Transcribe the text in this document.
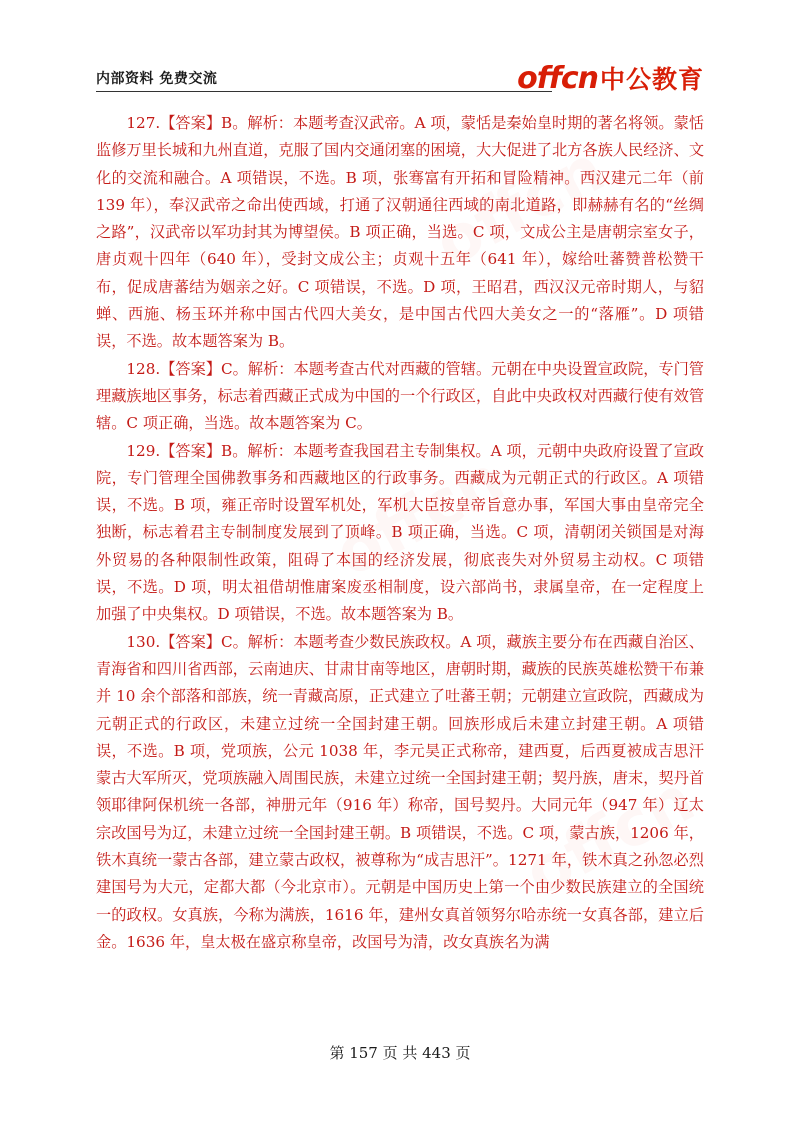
内部资料 免费交流	offcn 中公教育

127.【答案】B。解析：本题考查汉武帝。A 项，蒙恬是秦始皇时期的著名将领。蒙恬监修万里长城和九州直道，克服了国内交通闭塞的困境，大大促进了北方各族人民经济、文化的交流和融合。A 项错误，不选。B 项，张骞富有开拓和冒险精神。西汉建元二年（前 139 年），奉汉武帝之命出使西域，打通了汉朝通往西域的南北道路，即赫赫有名的“丝绸之路”，汉武帝以军功封其为博望侯。B 项正确，当选。C 项，文成公主是唐朝宗室女子，唐贞观十四年（640 年），受封文成公主；贞观十五年（641 年），嫁给吐蕃赞普松赞干布，促成唐蕃结为姻亲之好。C 项错误，不选。D 项，王昭君，西汉汉元帝时期人，与貂蝉、西施、杨玉环并称中国古代四大美女，是中国古代四大美女之一的“落雁”。D 项错误，不选。故本题答案为 B。

128.【答案】C。解析：本题考查古代对西藏的管辖。元朝在中央设置宣政院，专门管理藏族地区事务，标志着西藏正式成为中国的一个行政区，自此中央政权对西藏行使有效管辖。C 项正确，当选。故本题答案为 C。

129.【答案】B。解析：本题考查我国君主专制集权。A 项，元朝中央政府设置了宣政院，专门管理全国佛教事务和西藏地区的行政事务。西藏成为元朝正式的行政区。A 项错误，不选。B 项，雍正帝时设置军机处，军机大臣按皇帝旨意办事，军国大事由皇帝完全独断，标志着君主专制制度发展到了顶峰。B 项正确，当选。C 项，清朝闭关锁国是对海外贸易的各种限制性政策，阻碍了本国的经济发展，彻底丧失对外贸易主动权。C 项错误，不选。D 项，明太祖借胡惟庸案废丞相制度，设六部尚书，隶属皇帝，在一定程度上加强了中央集权。D 项错误，不选。故本题答案为 B。

130.【答案】C。解析：本题考查少数民族政权。A 项，藏族主要分布在西藏自治区、青海省和四川省西部，云南迪庆、甘肃甘南等地区，唐朝时期，藏族的民族英雄松赞干布兼并 10 余个部落和部族，统一青藏高原，正式建立了吐蕃王朝；元朝建立宣政院，西藏成为元朝正式的行政区，未建立过统一全国封建王朝。回族形成后未建立封建王朝。A 项错误，不选。B 项，党项族，公元 1038 年，李元昊正式称帝，建西夏，后西夏被成吉思汗蒙古大军所灭，党项族融入周围民族，未建立过统一全国封建王朝；契丹族，唐末，契丹首领耶律阿保机统一各部，神册元年（916 年）称帝，国号契丹。大同元年（947 年）辽太宗改国号为辽，未建立过统一全国封建王朝。B 项错误，不选。C 项，蒙古族，1206 年，铁木真统一蒙古各部，建立蒙古政权，被尊称为“成吉思汗”。1271 年，铁木真之孙忽必烈建国号为大元，定都大都（今北京市）。元朝是中国历史上第一个由少数民族建立的全国统一的政权。女真族，今称为满族，1616 年，建州女真首领努尔哈赤统一女真各部，建立后金。1636 年，皇太极在盛京称皇帝，改国号为清，改女真族名为满

第 157 页 共 443 页
